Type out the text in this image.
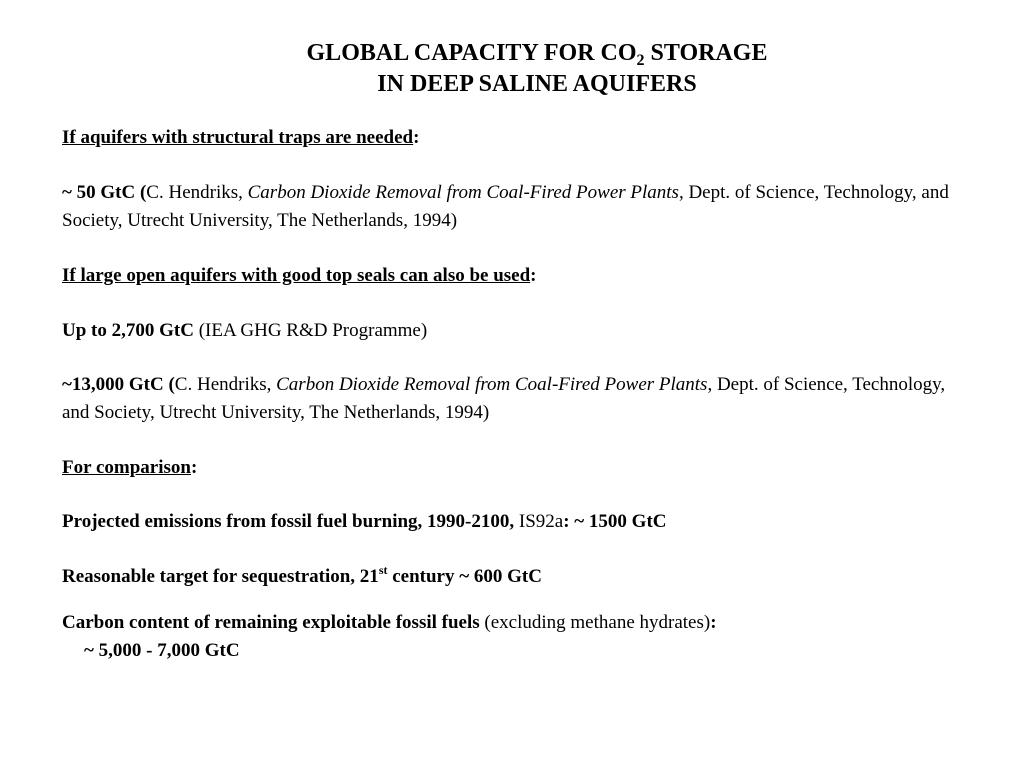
GLOBAL CAPACITY FOR $CO_2$ STORAGE
IN DEEP SALINE AQUIFERS
If aquifers with structural traps are needed:
~ 50 GtC (C. Hendriks, Carbon Dioxide Removal from Coal-Fired Power Plants, Dept. of Science, Technology, and Society, Utrecht University, The Netherlands, 1994)
If large open aquifers with good top seals can also be used:
Up to 2,700 GtC (IEA GHG R&D Programme)
~13,000 GtC (C. Hendriks, Carbon Dioxide Removal from Coal-Fired Power Plants, Dept. of Science, Technology, and Society, Utrecht University, The Netherlands, 1994)
For comparison:
Projected emissions from fossil fuel burning, 1990-2100, IS92a: ~ 1500 GtC
Reasonable target for sequestration, 21st century ~ 600 GtC
Carbon content of remaining exploitable fossil fuels (excluding methane hydrates):
~ 5,000 - 7,000 GtC
